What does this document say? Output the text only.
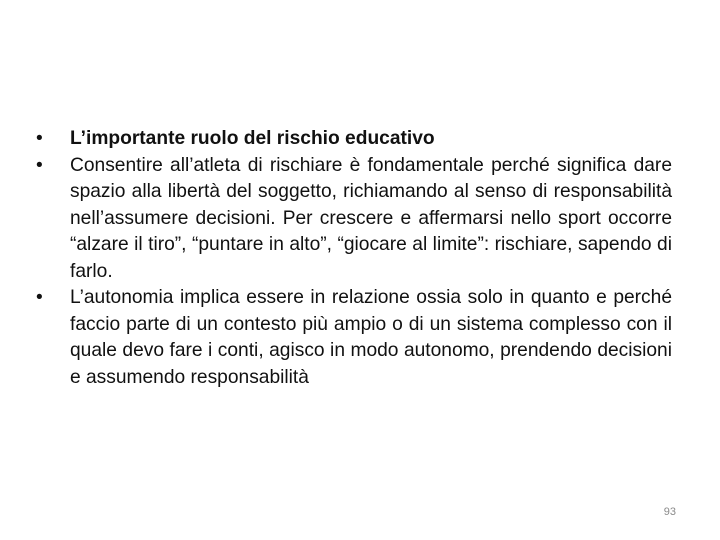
•	L’importante ruolo del rischio educativo
•	Consentire all’atleta di rischiare è fondamentale perché significa dare spazio alla libertà del soggetto, richiamando al senso di responsabilità nell’assumere decisioni. Per crescere e affermarsi nello sport occorre “alzare il tiro”, “puntare in alto”, “giocare al limite”: rischiare, sapendo di farlo.
•	L’autonomia implica essere in relazione ossia solo in quanto e perché faccio parte di un contesto più ampio o di un sistema complesso con il quale devo fare i conti, agisco in modo autonomo, prendendo decisioni e assumendo responsabilità
93
